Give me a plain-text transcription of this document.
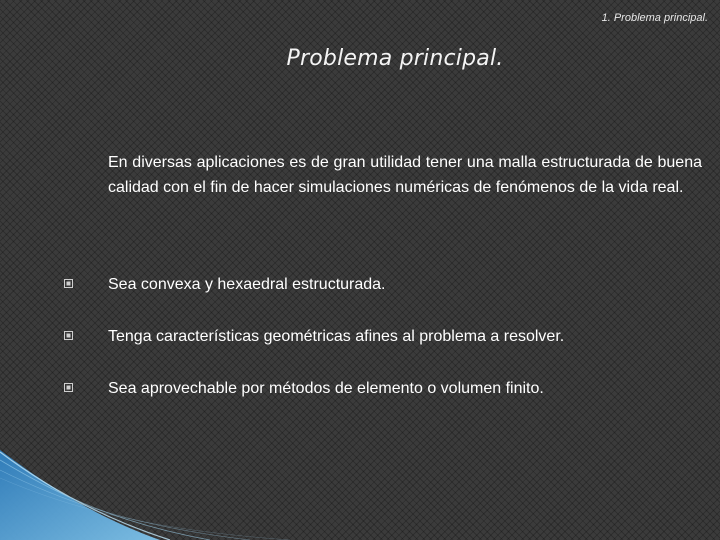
1. Problema principal.
Problema principal.
En diversas aplicaciones es de gran utilidad tener una malla estructurada de buena calidad con el fin de hacer simulaciones numéricas de fenómenos de la vida real.
Sea convexa y hexaedral estructurada.
Tenga características geométricas afines al problema a resolver.
Sea aprovechable por métodos de elemento o volumen finito.
